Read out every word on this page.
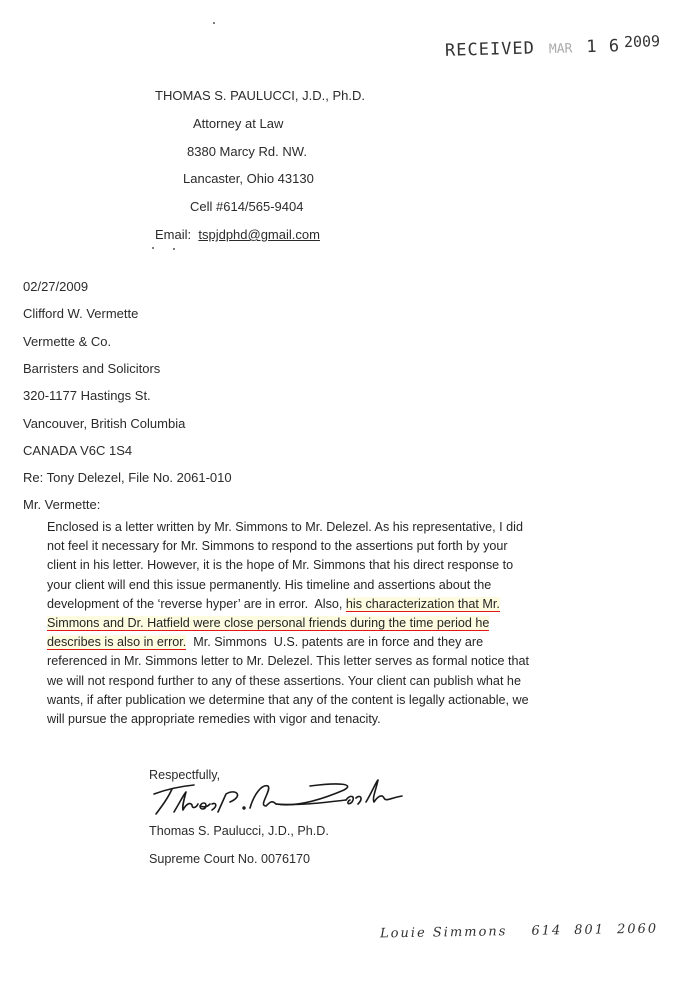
RECEIVED MAR 1 6 2009
THOMAS S. PAULUCCI, J.D., Ph.D.
Attorney at Law
8380 Marcy Rd. NW.
Lancaster, Ohio 43130
Cell #614/565-9404
Email: tspjdphd@gmail.com
02/27/2009
Clifford W. Vermette
Vermette & Co.
Barristers and Solicitors
320-1177 Hastings St.
Vancouver, British Columbia
CANADA V6C 1S4
Re: Tony Delezel, File No. 2061-010
Mr. Vermette:
Enclosed is a letter written by Mr. Simmons to Mr. Delezel. As his representative, I did
not feel it necessary for Mr. Simmons to respond to the assertions put forth by your
client in his letter. However, it is the hope of Mr. Simmons that his direct response to
your client will end this issue permanently. His timeline and assertions about the
development of the ‘reverse hyper’ are in error.  Also, his characterization that Mr.
Simmons and Dr. Hatfield were close personal friends during the time period he
describes is also in error.  Mr. Simmons  U.S. patents are in force and they are
referenced in Mr. Simmons letter to Mr. Delezel. This letter serves as formal notice that
we will not respond further to any of these assertions. Your client can publish what he
wants, if after publication we determine that any of the content is legally actionable, we
will pursue the appropriate remedies with vigor and tenacity.
Respectfully,
Thomas S. Paulucci, J.D., Ph.D.
Supreme Court No. 0076170
Louie Simmons 614 801 2060
